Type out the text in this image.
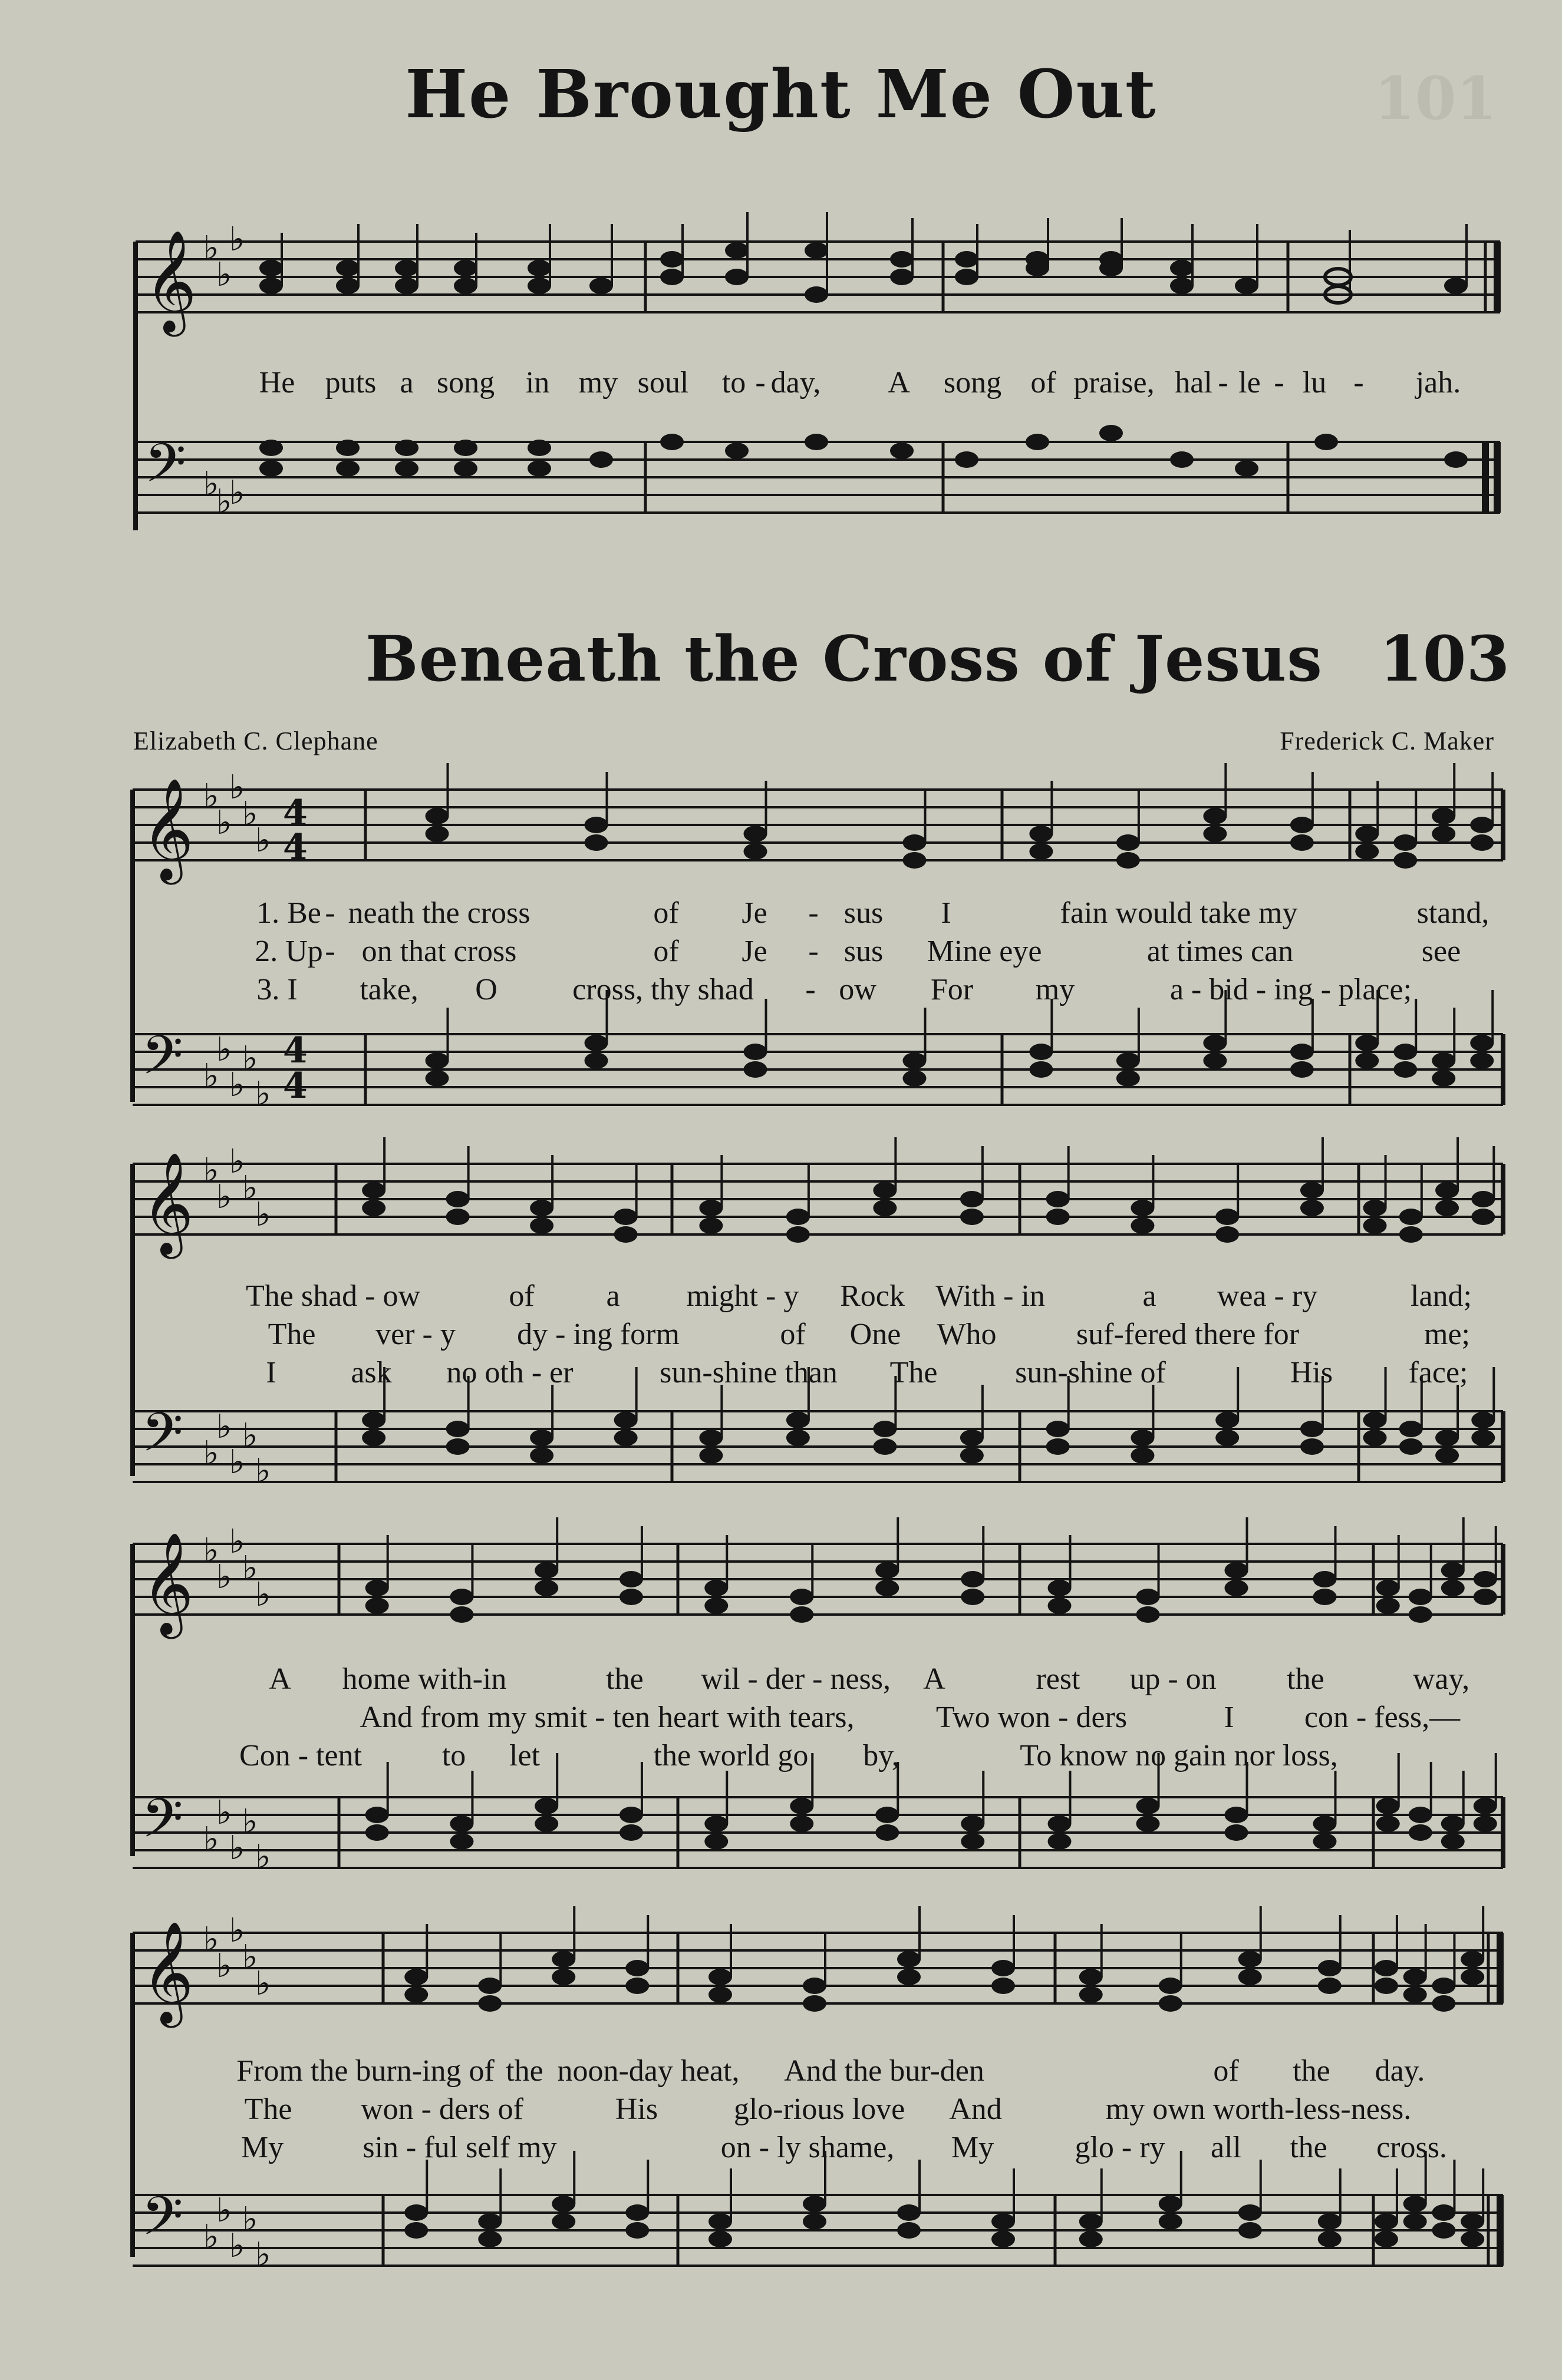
101
He Brought Me Out
𝄞 ♭
♭
♭
He puts a song in my soul to - day, A song of praise, hal - le - lu - jah.
𝄢 ♭
♭
♭
Beneath the Cross of Jesus 103
Elizabeth C. Clephane	Frederick C. Maker
𝄞	4
4
♭
♭
♭
♭
♭
1. Be - neath the cross	of Je - sus I	fain would take my	stand,
2. Up - on that cross	of Je - sus Mine eye	at times can	see
3. I take, O cross, thy shad - ow For my	a - bid - ing - place;
𝄢	4
4
♭
♭
♭
♭
♭
𝄞 ♭
♭
♭
♭
♭
The shad - ow	of a might - y Rock With - in	a wea - ry	land;
The ver - y dy - ing form	of One Who	suf-fered there for	me;
I ask no oth - er	sun-shine than The	sun-shine of	His face;
𝄢 ♭
♭
♭
♭
♭
𝄞 ♭
♭
♭
♭
♭
A home with-in	the wil - der - ness, A	rest up - on the	way,
And from my smit - ten heart with tears,	Two won - ders	I con - fess,—
Con - tent	to let	the world go by,	To know no gain nor loss,
𝄢 ♭
♭
♭
♭
♭
𝄞 ♭
♭
♭
♭
♭
From the burn-ing of the noon-day heat, And the bur-den	of the day.
The won - ders of	His glo-rious love And	my own worth-less-ness.
My	sin - ful self my	on - ly shame, My	glo - ry all the cross.
𝄢 ♭
♭
♭
♭
♭
